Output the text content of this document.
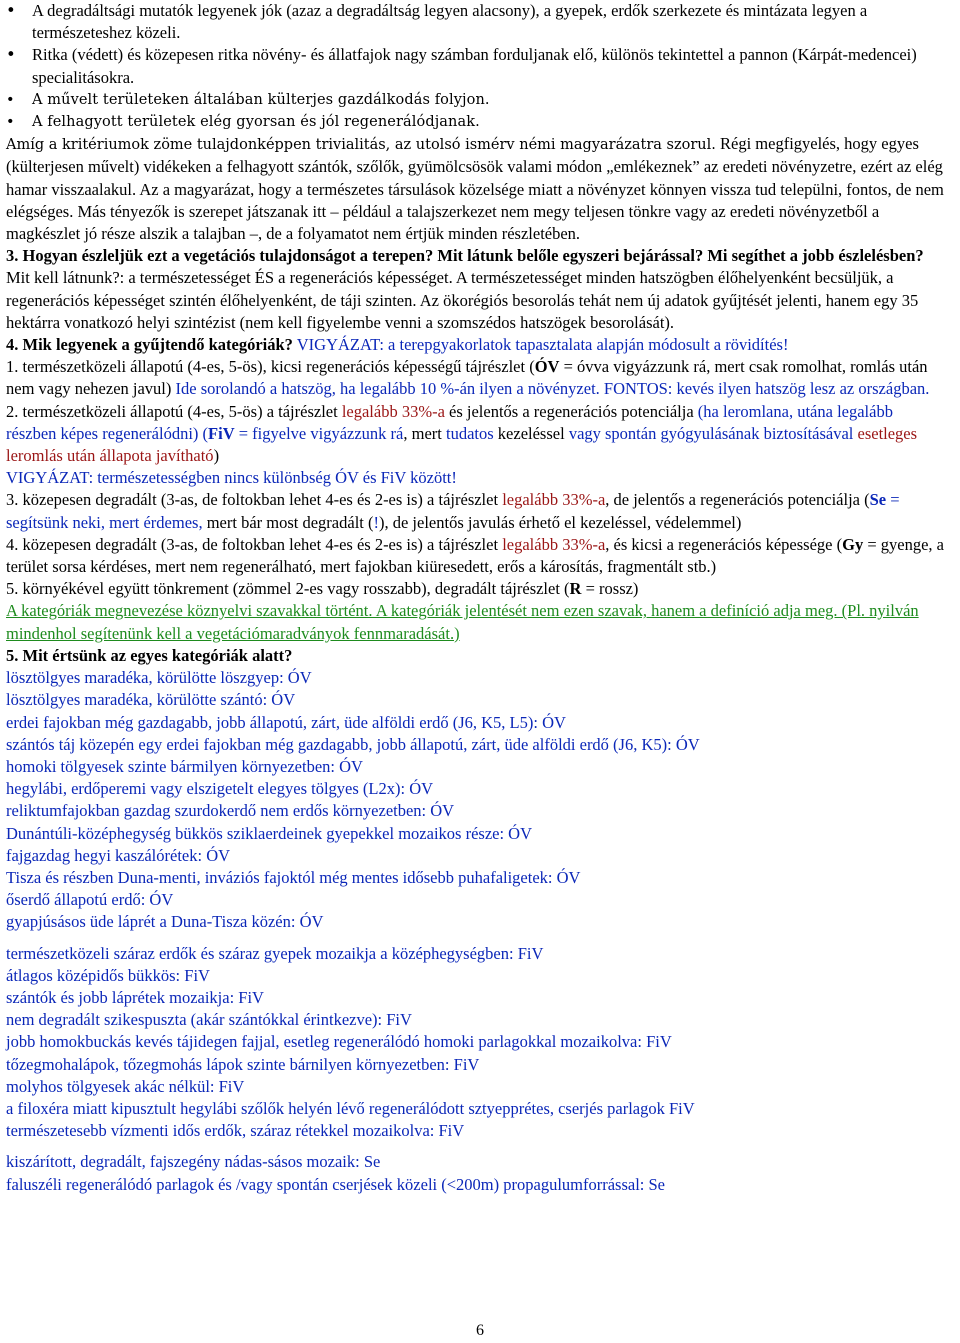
• A degradáltsági mutatók legyenek jók (azaz a degradáltság legyen alacsony), a gyepek, erdők szerkezete és mintázata legyen a természeteshez közeli.
• Ritka (védett) és közepesen ritka növény- és állatfajok nagy számban forduljanak elő, különös tekintettel a pannon (Kárpát-medencei) specialitásokra.
• A művelt területeken általában külterjes gazdálkodás folyjon.
• A felhagyott területek elég gyorsan és jól regenerálódjanak.

Amíg a kritériumok zöme tulajdonképpen trivialitás, az utolsó ismérv némi magyarázatra szorul. Régi megfigyelés, hogy egyes (külterjesen művelt) vidékeken a felhagyott szántók, szőlők, gyümölcsösök valami módon „emlékeznek” az eredeti növényzetre, ezért az elég hamar visszaalakul. Az a magyarázat, hogy a természetes társulások közelsége miatt a növényzet könnyen vissza tud települni, fontos, de nem elégséges. Más tényezők is szerepet játszanak itt – például a talajszerkezet nem megy teljesen tönkre vagy az eredeti növényzetből a magkészlet jó része alszik a talajban –, de a folyamatot nem értjük minden részletében.

3. Hogyan észleljük ezt a vegetációs tulajdonságot a terepen? Mit látunk belőle egyszeri bejárással? Mi segíthet a jobb észlelésben?

Mit kell látnunk?: a természetességet ÉS a regenerációs képességet. A természetességet minden hatszögben élőhelyenként becsüljük, a regenerációs képességet szintén élőhelyenként, de táji szinten. Az ökorégiós besorolás tehát nem új adatok gyűjtését jelenti, hanem egy 35 hektárra vonatkozó helyi szintézist (nem kell figyelembe venni a szomszédos hatszögek besorolását).

4. Mik legyenek a gyűjtendő kategóriák? VIGYÁZAT: a terepgyakorlatok tapasztalata alapján módosult a rövidítés!

1. természetközeli állapotú (4-es, 5-ös), kicsi regenerációs képességű tájrészlet (ÓV = óvva vigyázzunk rá, mert csak romolhat, romlás után nem vagy nehezen javul) Ide sorolandó a hatszög, ha legalább 10 %-án ilyen a növényzet. FONTOS: kevés ilyen hatszög lesz az országban.

2. természetközeli állapotú (4-es, 5-ös) a tájrészlet legalább 33%-a és jelentős a regenerációs potenciálja (ha leromlana, utána legalább részben képes regenerálódni) (FiV = figyelve vigyázzunk rá, mert tudatos kezeléssel vagy spontán gyógyulásának biztosításával esetleges leromlás után állapota javítható)
VIGYÁZAT: természetességben nincs különbség ÓV és FiV között!

3. közepesen degradált (3-as, de foltokban lehet 4-es és 2-es is) a tájrészlet legalább 33%-a, de jelentős a regenerációs potenciálja (Se = segítsünk neki, mert érdemes, mert bár most degradált (!), de jelentős javulás érhető el kezeléssel, védelemmel)

4. közepesen degradált (3-as, de foltokban lehet 4-es és 2-es is) a tájrészlet legalább 33%-a, és kicsi a regenerációs képessége (Gy = gyenge, a terület sorsa kérdéses, mert nem regenerálható, mert fajokban kiüresedett, erős a károsítás, fragmentált stb.)

5. környékével együtt tönkrement (zömmel 2-es vagy rosszabb), degradált tájrészlet (R = rossz)

A kategóriák megnevezése köznyelvi szavakkal történt. A kategóriák jelentését nem ezen szavak, hanem a definíció adja meg. (Pl. nyilván mindenhol segítenünk kell a vegetációmaradványok fennmaradását.)

5. Mit értsünk az egyes kategóriák alatt?

lösztölgyes maradéka, körülötte löszgyep: ÓV

lösztölgyes maradéka, körülötte szántó: ÓV

erdei fajokban még gazdagabb, jobb állapotú, zárt, üde alföldi erdő (J6, K5, L5): ÓV

szántós táj közepén egy erdei fajokban még gazdagabb, jobb állapotú, zárt, üde alföldi erdő (J6, K5): ÓV

homoki tölgyesek szinte bármilyen környezetben: ÓV

hegylábi, erdőperemi vagy elszigetelt elegyes tölgyes (L2x): ÓV

reliktumfajokban gazdag szurdokerdő nem erdős környezetben: ÓV

Dunántúli-középhegység bükkös sziklaerdeinek gyepekkel mozaikos része: ÓV

fajgazdag hegyi kaszálórétek: ÓV

Tisza és részben Duna-menti, inváziós fajoktól még mentes idősebb puhafaligetek: ÓV

őserdő állapotú erdő: ÓV

gyapjúsásos üde láprét a Duna-Tisza közén: ÓV

természetközeli száraz erdők és száraz gyepek mozaikja a középhegységben: FiV

átlagos középidős bükkös: FiV

szántók és jobb láprétek mozaikja: FiV

nem degradált szikespuszta (akár szántókkal érintkezve): FiV

jobb homokbuckás kevés tájidegen fajjal, esetleg regenerálódó homoki parlagokkal mozaikolva: FiV

tőzegmohalápok, tőzegmohás lápok szinte bárnilyen környezetben: FiV

molyhos tölgyesek akác nélkül: FiV

a filoxéra miatt kipusztult hegylábi szőlők helyén lévő regenerálódott sztyepprétes, cserjés parlagok FiV

természetesebb vízmenti idős erdők, száraz rétekkel mozaikolva: FiV

kiszárított, degradált, fajszegény nádas-sásos mozaik: Se

faluszéli regenerálódó parlagok és /vagy spontán cserjések közeli (<200m) propagulumforrással: Se

6
